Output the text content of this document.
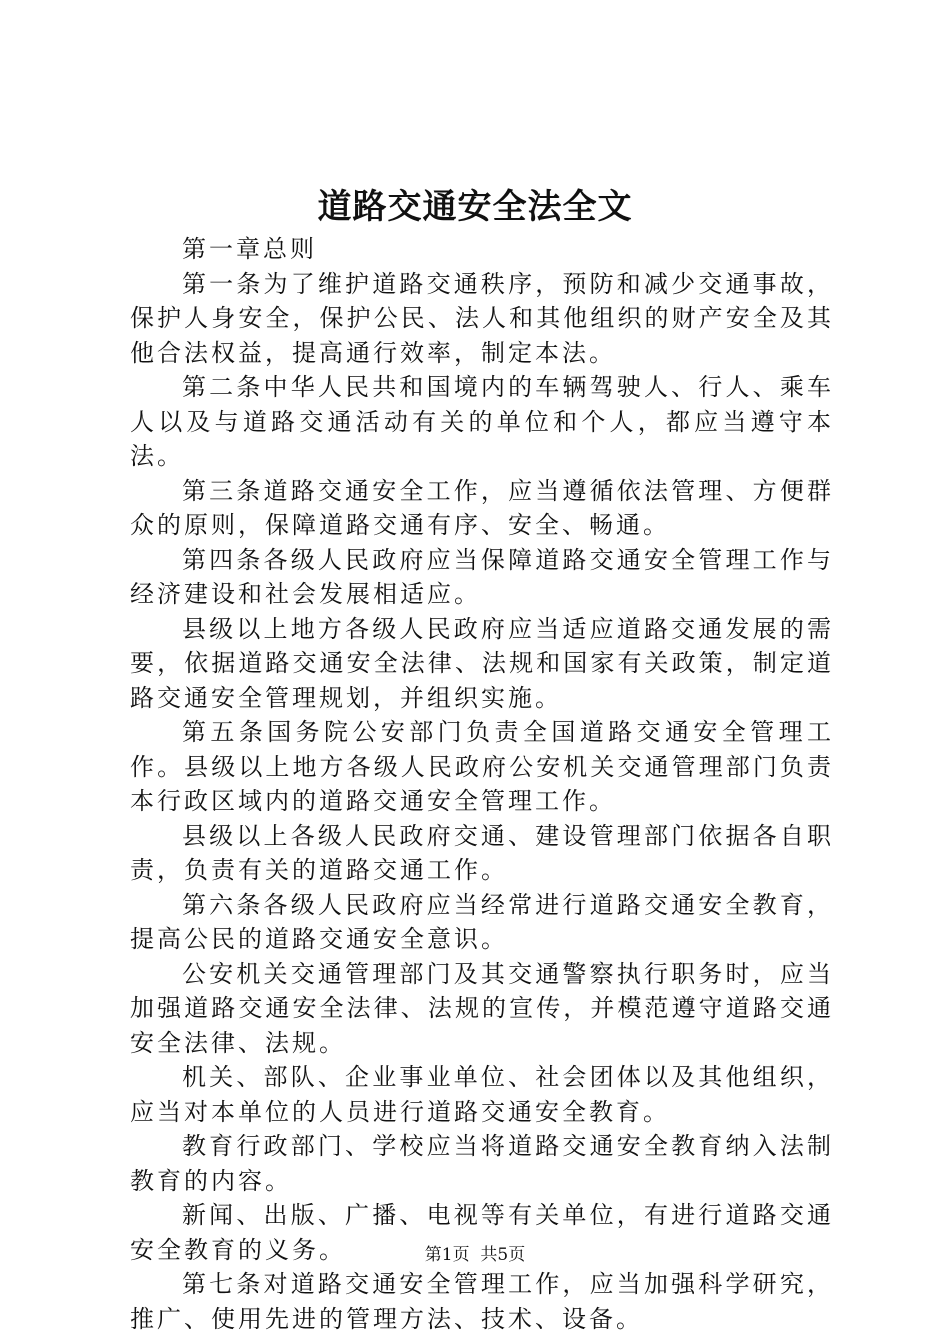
道路交通安全法全文

第一章总则

第一条为了维护道路交通秩序，预防和减少交通事故，保护人身安全，保护公民、法人和其他组织的财产安全及其他合法权益，提高通行效率，制定本法。

第二条中华人民共和国境内的车辆驾驶人、行人、乘车人以及与道路交通活动有关的单位和个人，都应当遵守本法。

第三条道路交通安全工作，应当遵循依法管理、方便群众的原则，保障道路交通有序、安全、畅通。

第四条各级人民政府应当保障道路交通安全管理工作与经济建设和社会发展相适应。

县级以上地方各级人民政府应当适应道路交通发展的需要，依据道路交通安全法律、法规和国家有关政策，制定道路交通安全管理规划，并组织实施。

第五条国务院公安部门负责全国道路交通安全管理工作。县级以上地方各级人民政府公安机关交通管理部门负责本行政区域内的道路交通安全管理工作。

县级以上各级人民政府交通、建设管理部门依据各自职责，负责有关的道路交通工作。

第六条各级人民政府应当经常进行道路交通安全教育，提高公民的道路交通安全意识。

公安机关交通管理部门及其交通警察执行职务时，应当加强道路交通安全法律、法规的宣传，并模范遵守道路交通安全法律、法规。

机关、部队、企业事业单位、社会团体以及其他组织，应当对本单位的人员进行道路交通安全教育。

教育行政部门、学校应当将道路交通安全教育纳入法制教育的内容。

新闻、出版、广播、电视等有关单位，有进行道路交通安全教育的义务。

第七条对道路交通安全管理工作，应当加强科学研究，推广、使用先进的管理方法、技术、设备。

第1页 共5页
